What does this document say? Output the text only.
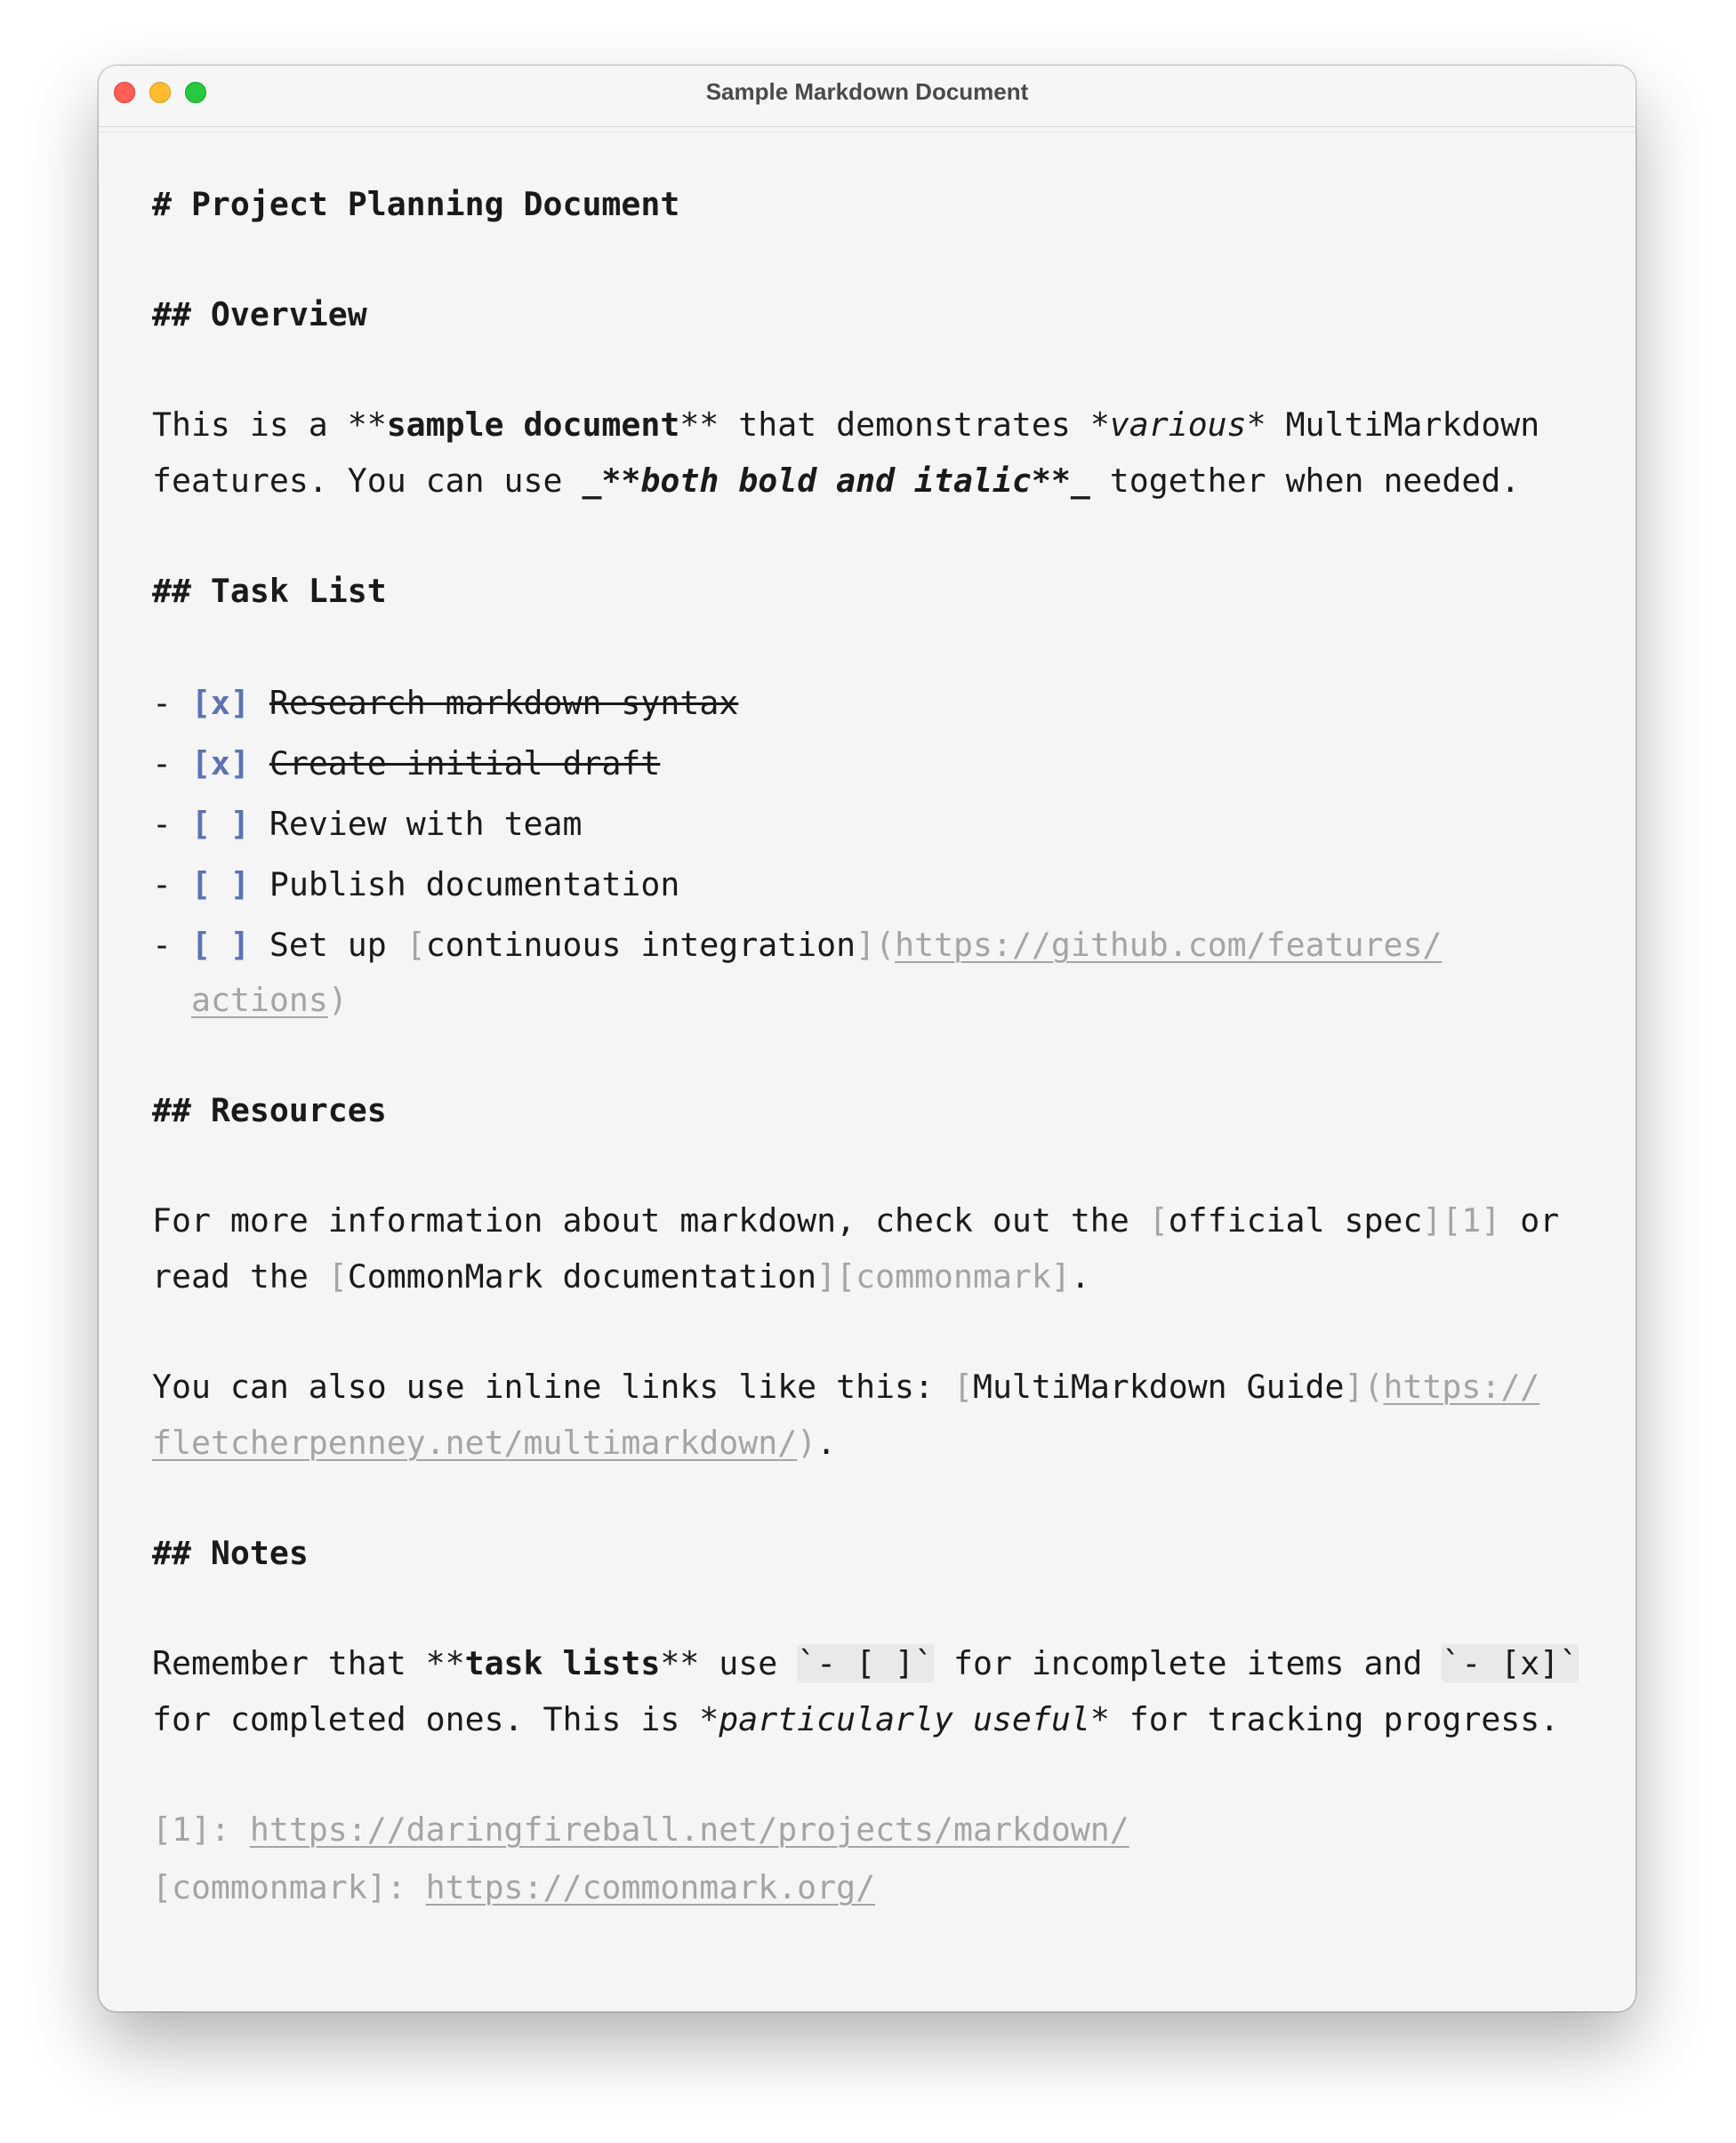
Sample Markdown Document
# Project Planning Document
## Overview
This is a **sample document** that demonstrates *various* MultiMarkdown
features. You can use _**both bold and italic**_ together when needed.
## Task List
- [x] Research markdown syntax
- [x] Create initial draft
- [ ] Review with team
- [ ] Publish documentation
- [ ] Set up [continuous integration](https://github.com/features/
actions)
## Resources
For more information about markdown, check out the [official spec][1] or
read the [CommonMark documentation][commonmark].
You can also use inline links like this: [MultiMarkdown Guide](https://
fletcherpenney.net/multimarkdown/).
## Notes
Remember that **task lists** use `- [ ]` for incomplete items and `- [x]`
for completed ones. This is *particularly useful* for tracking progress.
[1]: https://daringfireball.net/projects/markdown/
[commonmark]: https://commonmark.org/
